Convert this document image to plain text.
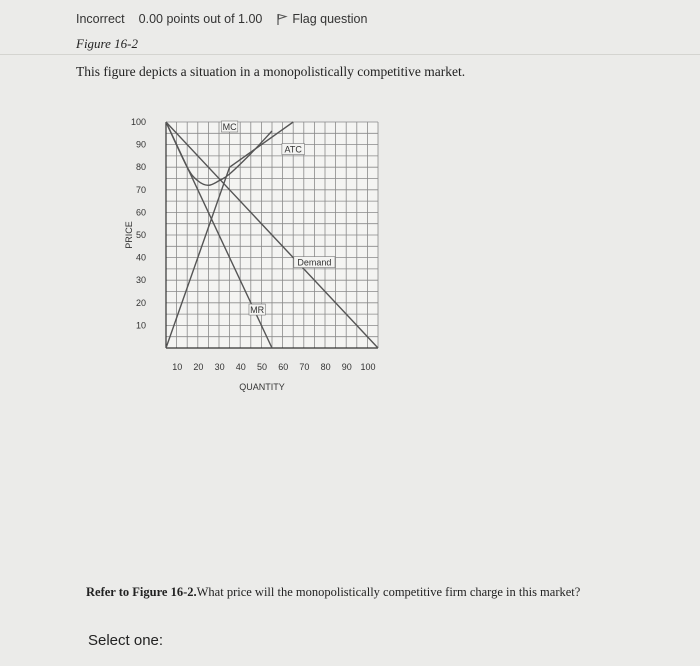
Incorrect 0.00 points out of 1.00 Flag question
Figure 16-2
This figure depicts a situation in a monopolistically competitive market.
10
20
30
40
50
60
70
80
90
100
10 20 30 40 50 60 70 80 90 100
QUANTITY
PRICE
MC
ATC
Demand
MR
Refer to Figure 16-2.What price will the monopolistically competitive firm charge in this market?
Select one:
